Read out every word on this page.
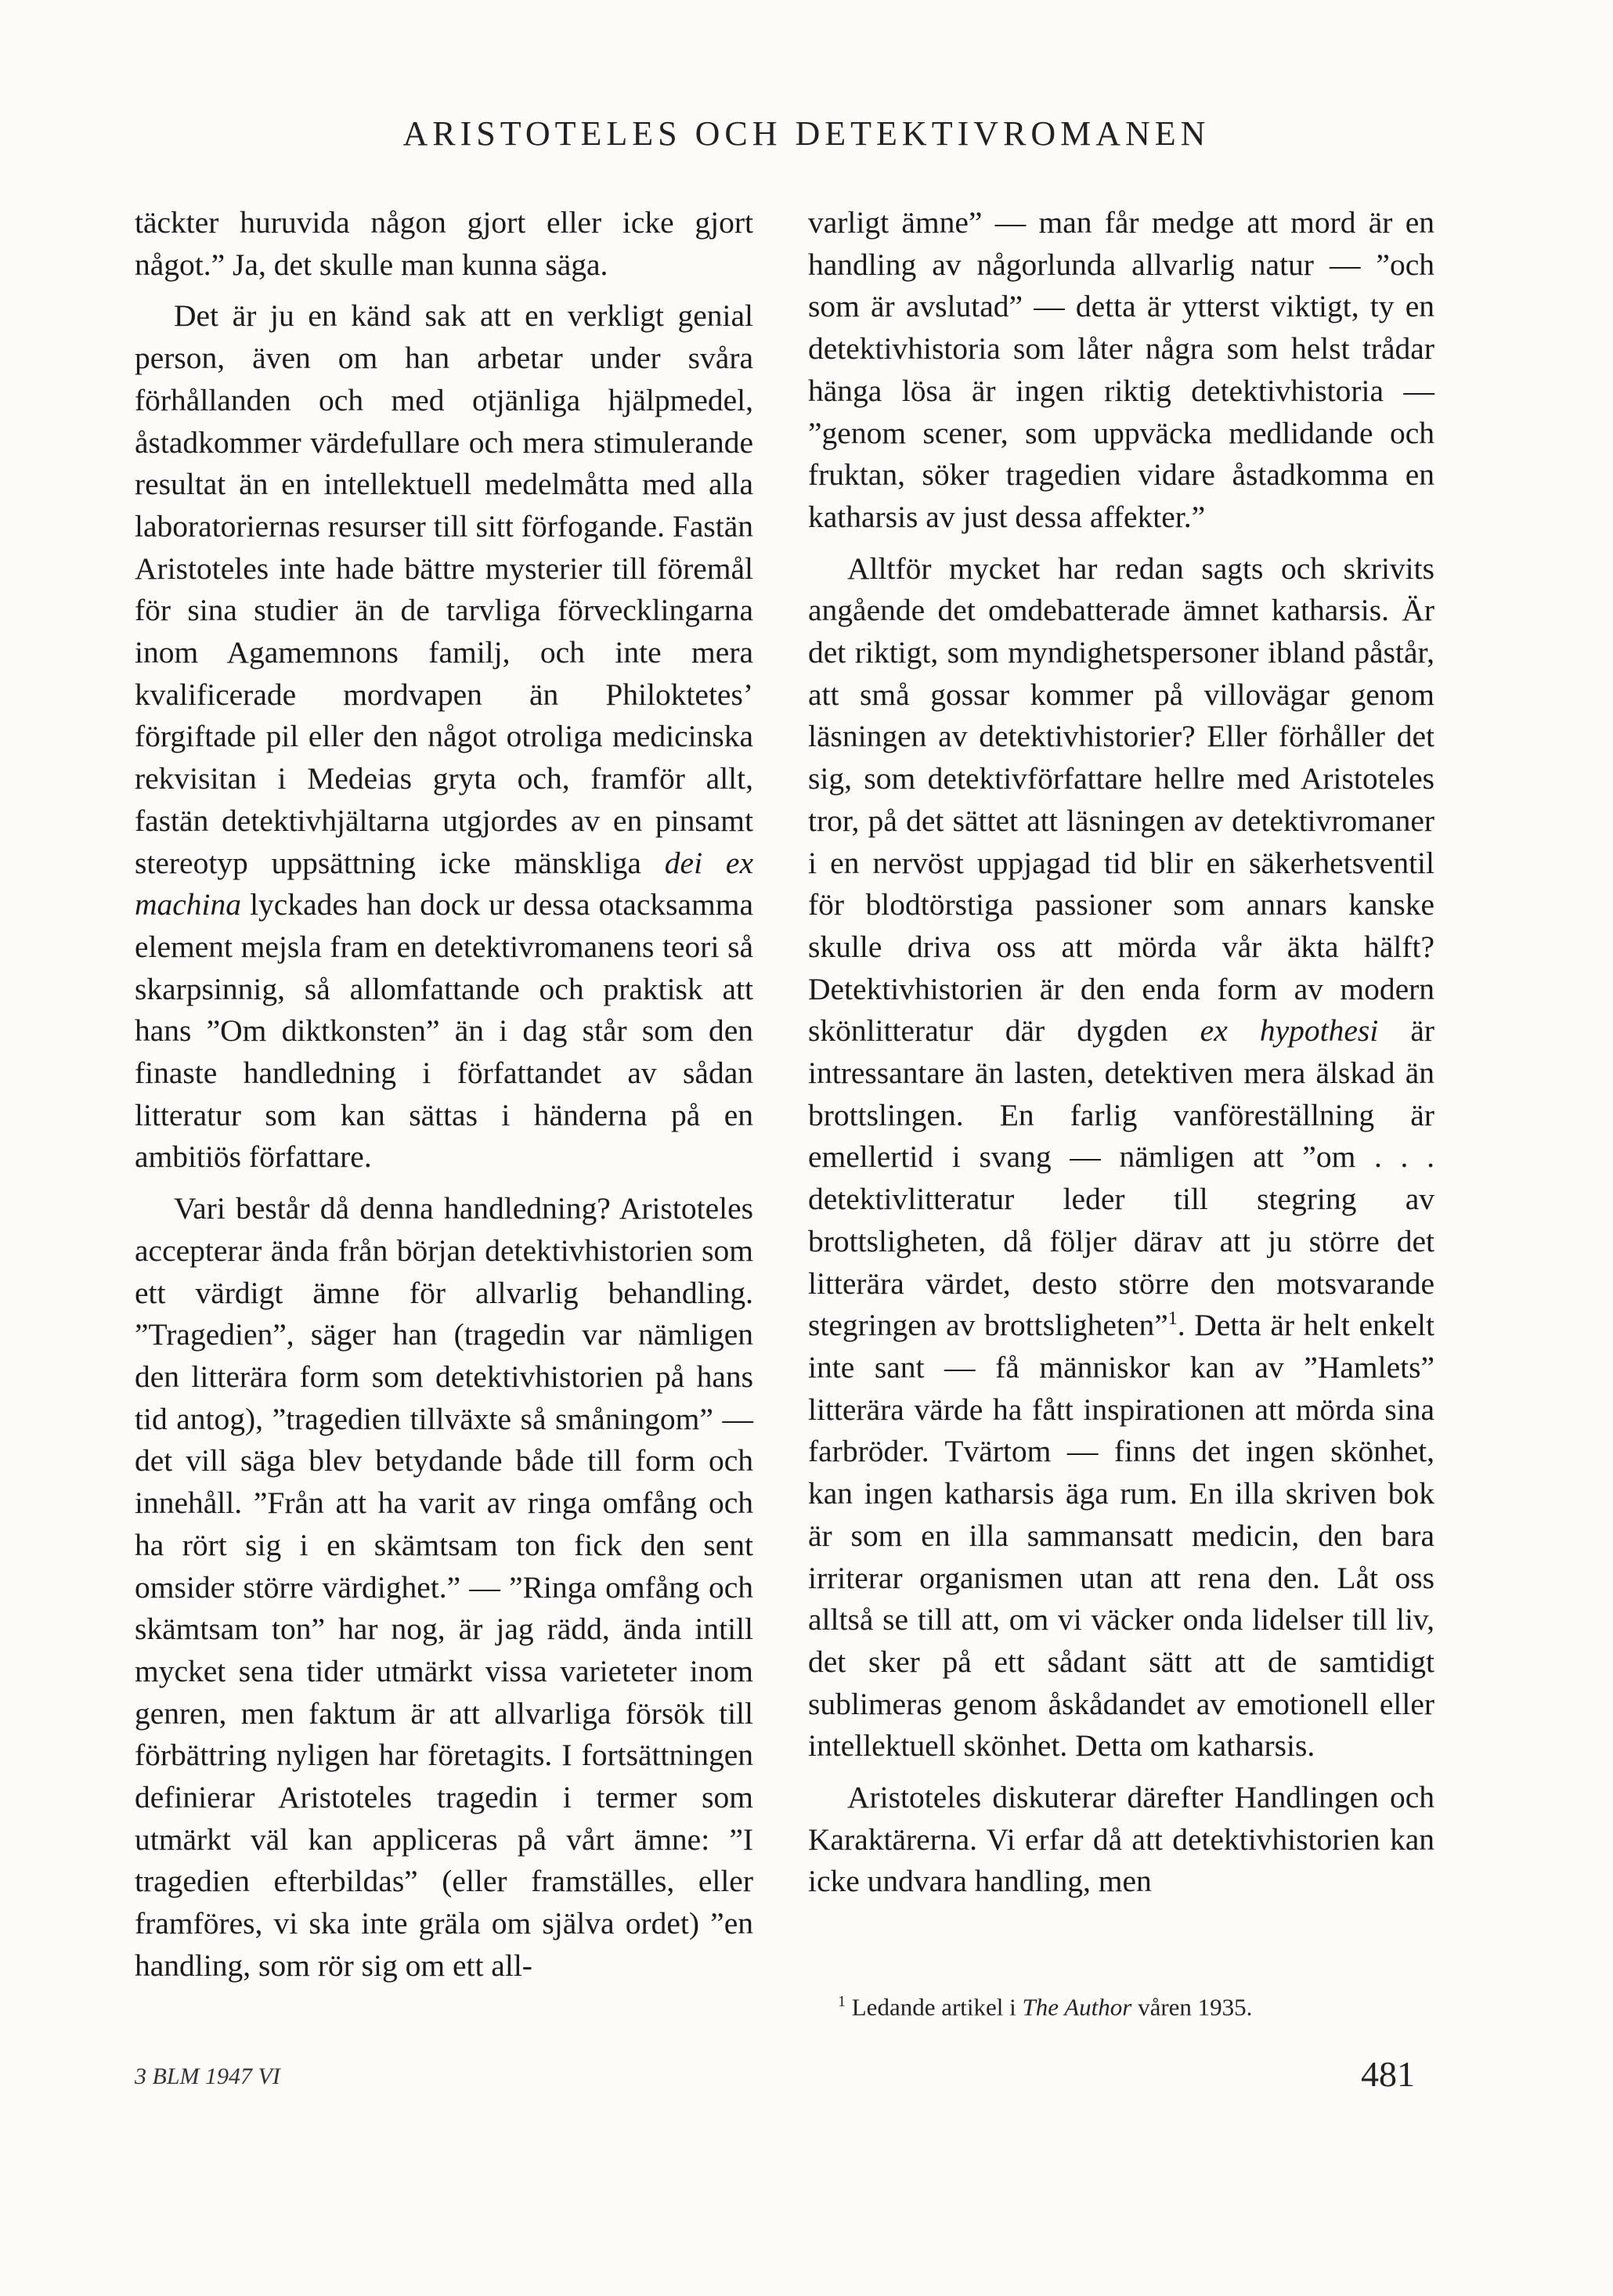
ARISTOTELES OCH DETEKTIVROMANEN

täckter huruvida någon gjort eller icke gjort något.” Ja, det skulle man kunna säga.

Det är ju en känd sak att en verkligt genial person, även om han arbetar under svåra förhållanden och med otjänliga hjälpmedel, åstadkommer värdefullare och mera stimulerande resultat än en intellektuell medelmåtta med alla laboratoriernas resurser till sitt förfogande. Fastän Aristoteles inte hade bättre mysterier till föremål för sina studier än de tarvliga förvecklingarna inom Agamemnons familj, och inte mera kvalificerade mordvapen än Philoktetes’ förgiftade pil eller den något otroliga medicinska rekvisitan i Medeias gryta och, framför allt, fastän detektivhjältarna utgjordes av en pinsamt stereotyp uppsättning icke mänskliga dei ex machina lyckades han dock ur dessa otacksamma element mejsla fram en detektivromanens teori så skarpsinnig, så allomfattande och praktisk att hans ”Om diktkonsten” än i dag står som den finaste handledning i författandet av sådan litteratur som kan sättas i händerna på en ambitiös författare.

Vari består då denna handledning? Aristoteles accepterar ända från början detektivhistorien som ett värdigt ämne för allvarlig behandling. ”Tragedien”, säger han (tragedin var nämligen den litterära form som detektivhistorien på hans tid antog), ”tragedien tillväxte så småningom” — det vill säga blev betydande både till form och innehåll. ”Från att ha varit av ringa omfång och ha rört sig i en skämtsam ton fick den sent omsider större värdighet.” — ”Ringa omfång och skämtsam ton” har nog, är jag rädd, ända intill mycket sena tider utmärkt vissa varieteter inom genren, men faktum är att allvarliga försök till förbättring nyligen har företagits. I fortsättningen definierar Aristoteles tragedin i termer som utmärkt väl kan appliceras på vårt ämne: ”I tragedien efterbildas” (eller framställes, eller framföres, vi ska inte gräla om själva ordet) ”en handling, som rör sig om ett all-

varligt ämne” — man får medge att mord är en handling av någorlunda allvarlig natur — ”och som är avslutad” — detta är ytterst viktigt, ty en detektivhistoria som låter några som helst trådar hänga lösa är ingen riktig detektivhistoria — ”genom scener, som uppväcka medlidande och fruktan, söker tragedien vidare åstadkomma en katharsis av just dessa affekter.”

Alltför mycket har redan sagts och skrivits angående det omdebatterade ämnet katharsis. Är det riktigt, som myndighetspersoner ibland påstår, att små gossar kommer på villovägar genom läsningen av detektivhistorier? Eller förhåller det sig, som detektivförfattare hellre med Aristoteles tror, på det sättet att läsningen av detektivromaner i en nervöst uppjagad tid blir en säkerhetsventil för blodtörstiga passioner som annars kanske skulle driva oss att mörda vår äkta hälft? Detektivhistorien är den enda form av modern skönlitteratur där dygden ex hypothesi är intressantare än lasten, detektiven mera älskad än brottslingen. En farlig vanföreställning är emellertid i svang — nämligen att ”om . . . detektivlitteratur leder till stegring av brottsligheten, då följer därav att ju större det litterära värdet, desto större den motsvarande stegringen av brottsligheten”$^1$. Detta är helt enkelt inte sant — få människor kan av ”Hamlets” litterära värde ha fått inspirationen att mörda sina farbröder. Tvärtom — finns det ingen skönhet, kan ingen katharsis äga rum. En illa skriven bok är som en illa sammansatt medicin, den bara irriterar organismen utan att rena den. Låt oss alltså se till att, om vi väcker onda lidelser till liv, det sker på ett sådant sätt att de samtidigt sublimeras genom åskådandet av emotionell eller intellektuell skönhet. Detta om katharsis.

Aristoteles diskuterar därefter Handlingen och Karaktärerna. Vi erfar då att detektivhistorien kan icke undvara handling, men

$^1$ Ledande artikel i The Author våren 1935.
3 BLM 1947 VI	481
